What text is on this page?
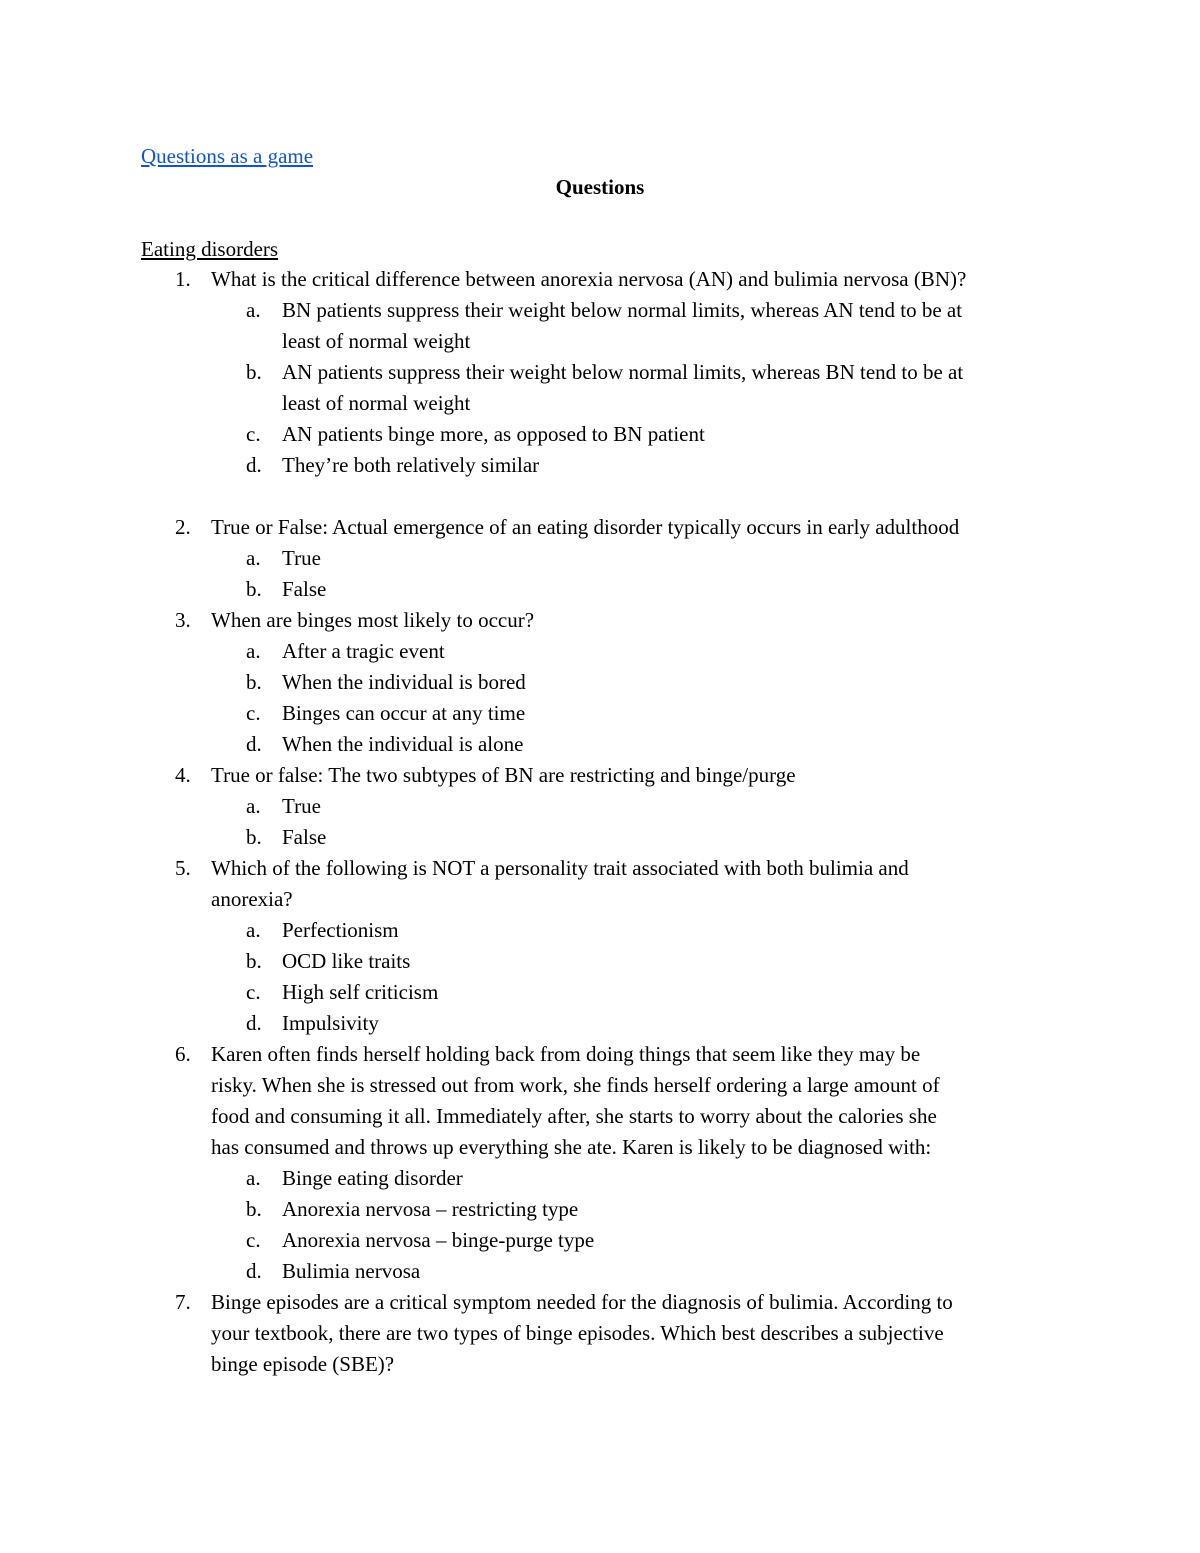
Questions as a game
Questions
Eating disorders
1. What is the critical difference between anorexia nervosa (AN) and bulimia nervosa (BN)?
a. BN patients suppress their weight below normal limits, whereas AN tend to be at
least of normal weight
b. AN patients suppress their weight below normal limits, whereas BN tend to be at
least of normal weight
c. AN patients binge more, as opposed to BN patient
d. They’re both relatively similar
2. True or False: Actual emergence of an eating disorder typically occurs in early adulthood
a. True
b. False
3. When are binges most likely to occur?
a. After a tragic event
b. When the individual is bored
c. Binges can occur at any time
d. When the individual is alone
4. True or false: The two subtypes of BN are restricting and binge/purge
a. True
b. False
5. Which of the following is NOT a personality trait associated with both bulimia and
anorexia?
a. Perfectionism
b. OCD like traits
c. High self criticism
d. Impulsivity
6. Karen often finds herself holding back from doing things that seem like they may be
risky. When she is stressed out from work, she finds herself ordering a large amount of
food and consuming it all. Immediately after, she starts to worry about the calories she
has consumed and throws up everything she ate. Karen is likely to be diagnosed with:
a. Binge eating disorder
b. Anorexia nervosa – restricting type
c. Anorexia nervosa – binge-purge type
d. Bulimia nervosa
7. Binge episodes are a critical symptom needed for the diagnosis of bulimia. According to
your textbook, there are two types of binge episodes. Which best describes a subjective
binge episode (SBE)?
